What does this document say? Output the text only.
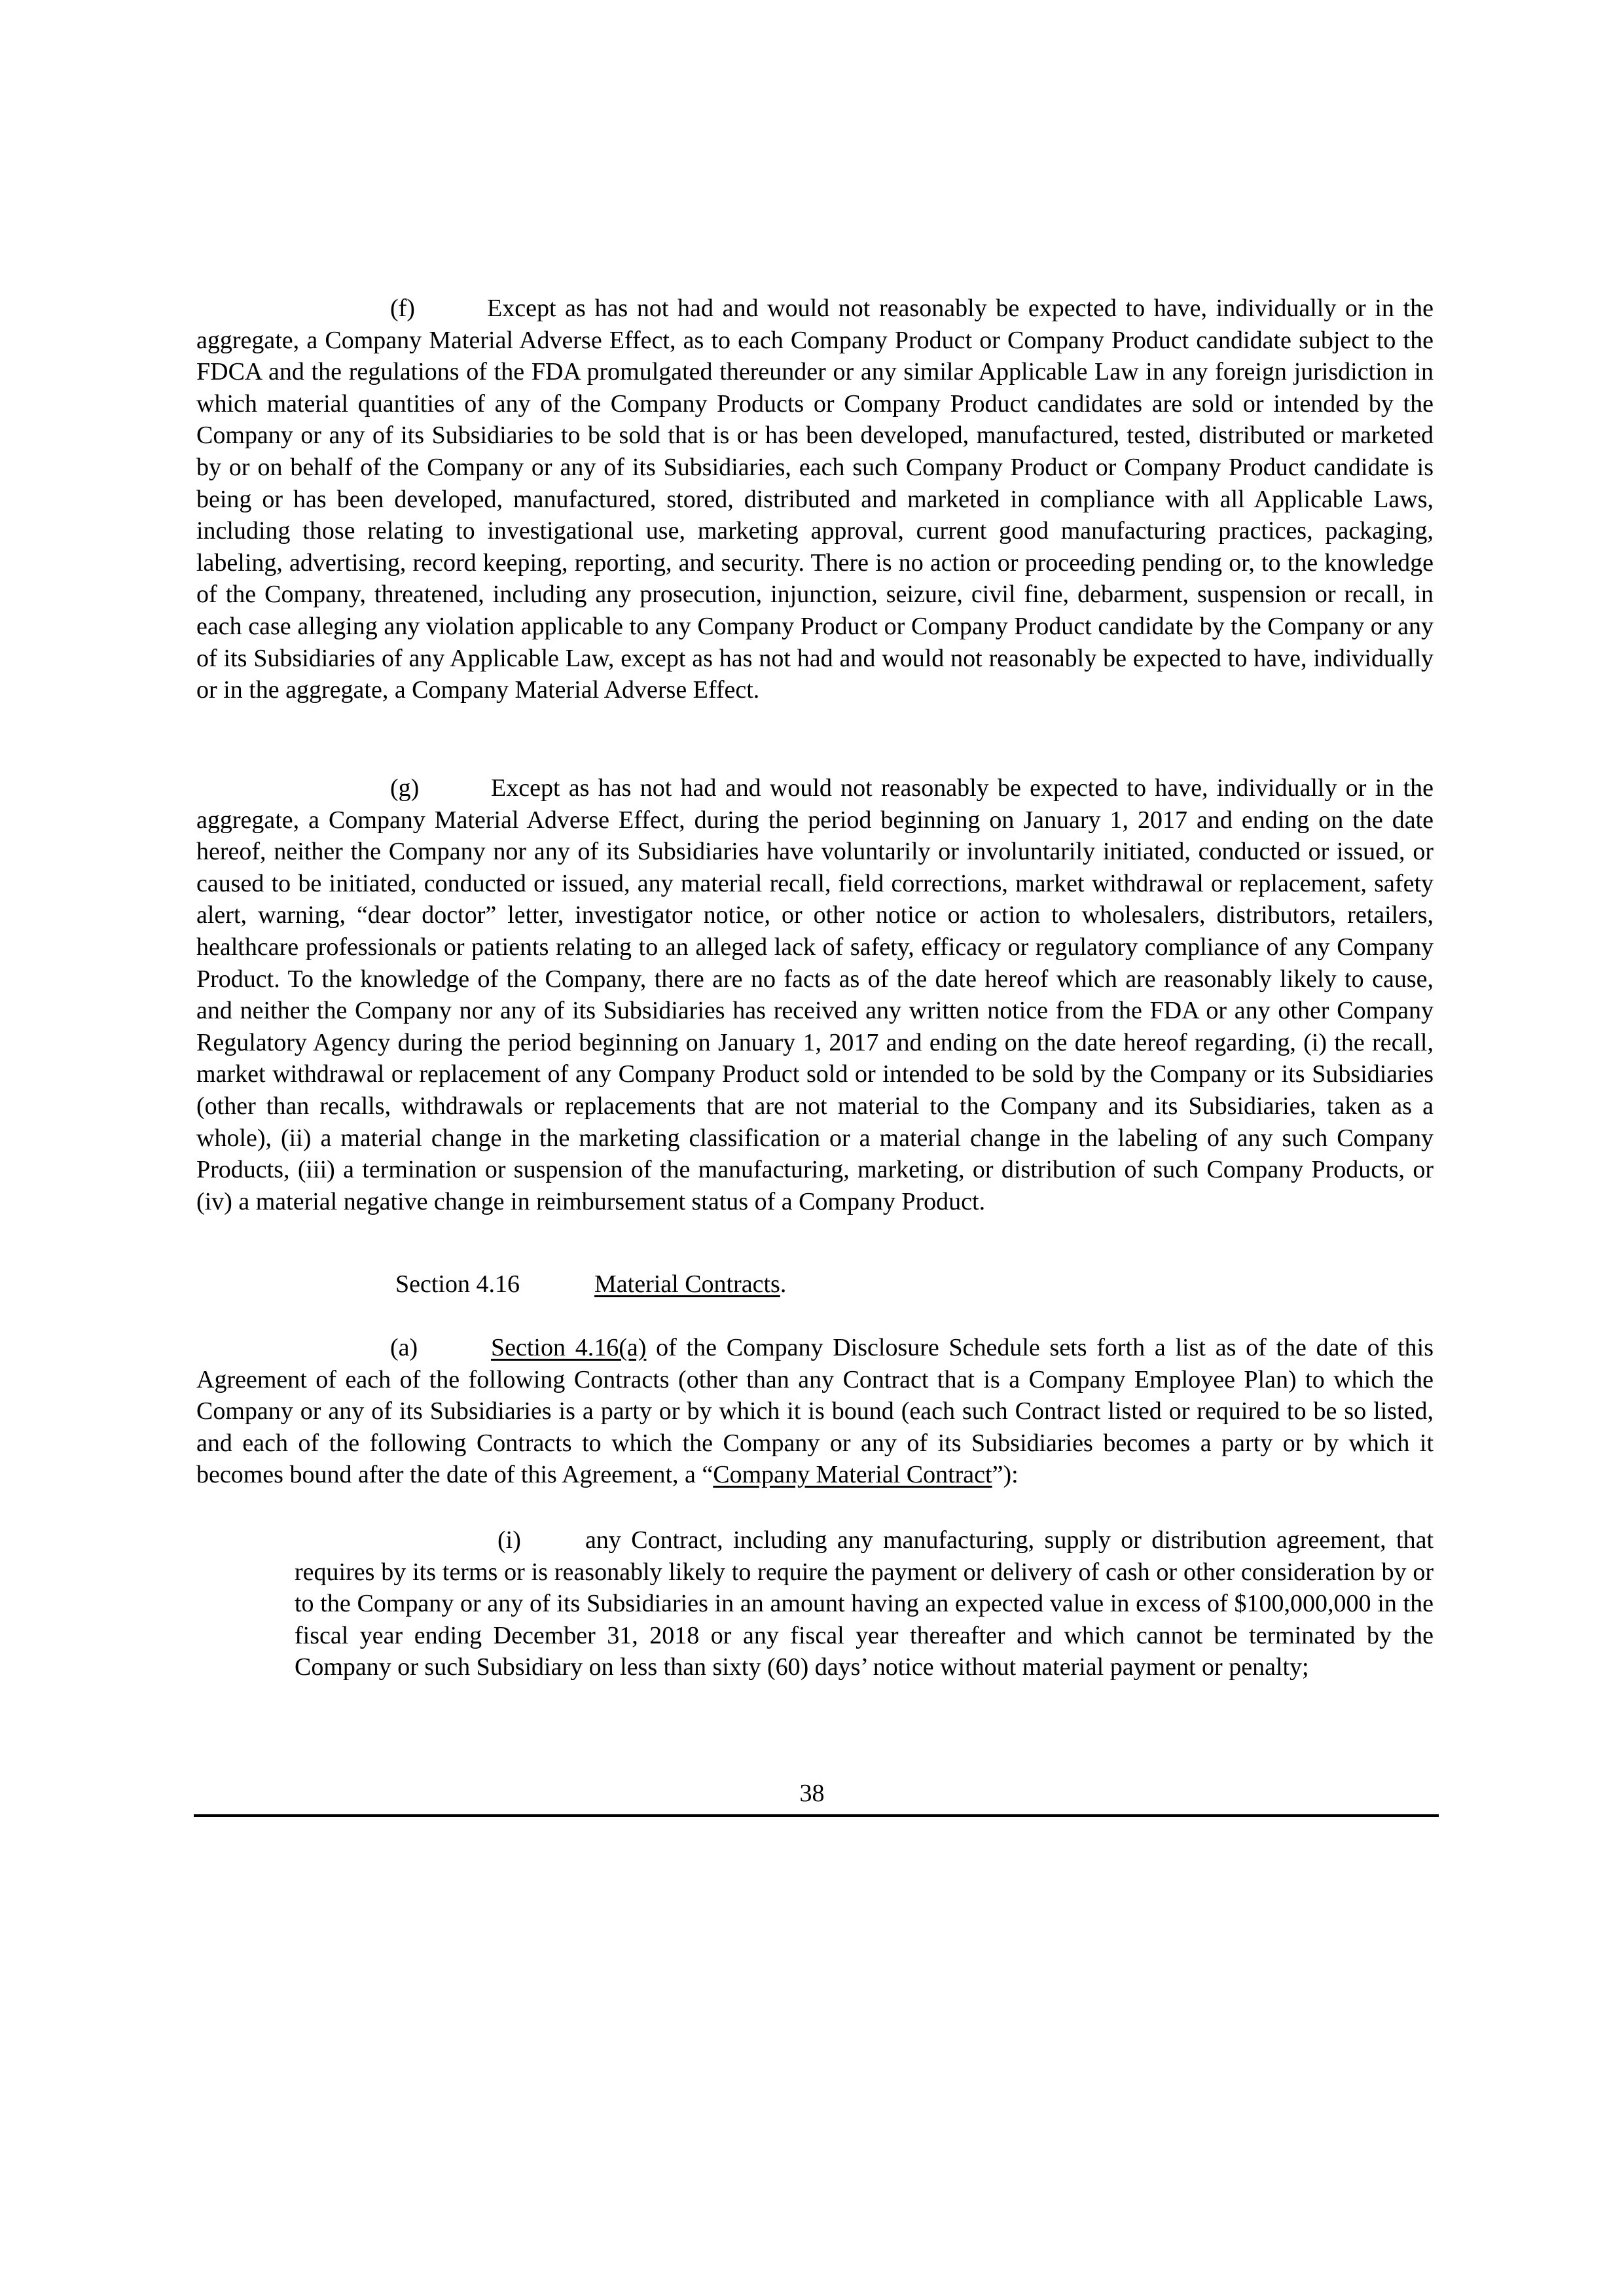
(f)	Except as has not had and would not reasonably be expected to have, individually or in the aggregate, a Company Material Adverse Effect, as to each Company Product or Company Product candidate subject to the FDCA and the regulations of the FDA promulgated thereunder or any similar Applicable Law in any foreign jurisdiction in which material quantities of any of the Company Products or Company Product candidates are sold or intended by the Company or any of its Subsidiaries to be sold that is or has been developed, manufactured, tested, distributed or marketed by or on behalf of the Company or any of its Subsidiaries, each such Company Product or Company Product candidate is being or has been developed, manufactured, stored, distributed and marketed in compliance with all Applicable Laws, including those relating to investigational use, marketing approval, current good manufacturing practices, packaging, labeling, advertising, record keeping, reporting, and security. There is no action or proceeding pending or, to the knowledge of the Company, threatened, including any prosecution, injunction, seizure, civil fine, debarment, suspension or recall, in each case alleging any violation applicable to any Company Product or Company Product candidate by the Company or any of its Subsidiaries of any Applicable Law, except as has not had and would not reasonably be expected to have, individually or in the aggregate, a Company Material Adverse Effect.

(g)	Except as has not had and would not reasonably be expected to have, individually or in the aggregate, a Company Material Adverse Effect, during the period beginning on January 1, 2017 and ending on the date hereof, neither the Company nor any of its Subsidiaries have voluntarily or involuntarily initiated, conducted or issued, or caused to be initiated, conducted or issued, any material recall, field corrections, market withdrawal or replacement, safety alert, warning, “dear doctor” letter, investigator notice, or other notice or action to wholesalers, distributors, retailers, healthcare professionals or patients relating to an alleged lack of safety, efficacy or regulatory compliance of any Company Product. To the knowledge of the Company, there are no facts as of the date hereof which are reasonably likely to cause, and neither the Company nor any of its Subsidiaries has received any written notice from the FDA or any other Company Regulatory Agency during the period beginning on January 1, 2017 and ending on the date hereof regarding, (i) the recall, market withdrawal or replacement of any Company Product sold or intended to be sold by the Company or its Subsidiaries (other than recalls, withdrawals or replacements that are not material to the Company and its Subsidiaries, taken as a whole), (ii) a material change in the marketing classification or a material change in the labeling of any such Company Products, (iii) a termination or suspension of the manufacturing, marketing, or distribution of such Company Products, or (iv) a material negative change in reimbursement status of a Company Product.

Section 4.16	Material Contracts.

(a)	Section 4.16(a) of the Company Disclosure Schedule sets forth a list as of the date of this Agreement of each of the following Contracts (other than any Contract that is a Company Employee Plan) to which the Company or any of its Subsidiaries is a party or by which it is bound (each such Contract listed or required to be so listed, and each of the following Contracts to which the Company or any of its Subsidiaries becomes a party or by which it becomes bound after the date of this Agreement, a “Company Material Contract”):

(i)	any Contract, including any manufacturing, supply or distribution agreement, that requires by its terms or is reasonably likely to require the payment or delivery of cash or other consideration by or to the Company or any of its Subsidiaries in an amount having an expected value in excess of $100,000,000 in the fiscal year ending December 31, 2018 or any fiscal year thereafter and which cannot be terminated by the Company or such Subsidiary on less than sixty (60) days’ notice without material payment or penalty;

38
